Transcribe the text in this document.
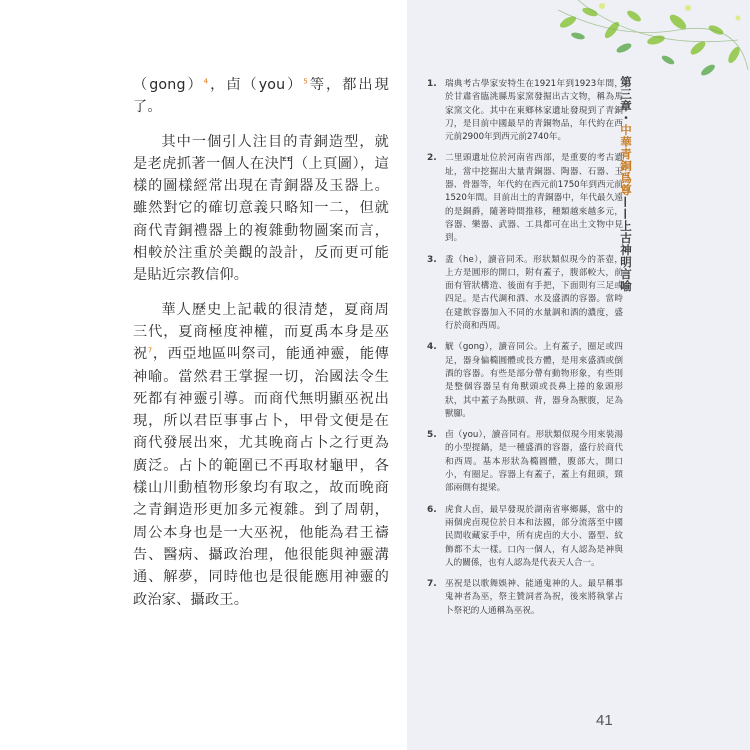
（gong）$^4$，卣（you）$^5$等，都出現了。

其中一個引人注目的青銅造型，就是老虎抓著一個人在決鬥（上頁圖），這樣的圖樣經常出現在青銅器及玉器上。雖然對它的確切意義只略知一二，但就商代青銅禮器上的複雜動物圖案而言，相較於注重於美觀的設計，反而更可能是貼近宗教信仰。

華人歷史上記載的很清楚，夏商周三代，夏商極度神權，而夏禹本身是巫祝$^7$，西亞地區叫祭司，能通神靈，能傳神喻。當然君王掌握一切，治國法令生死都有神靈引導。而商代無明顯巫祝出現，所以君臣事事占卜，甲骨文便是在商代發展出來，尤其晚商占卜之行更為廣泛。占卜的範圍已不再取材龜甲，各樣山川動植物形象均有取之，故而晚商之青銅造形更加多元複雜。到了周朝，周公本身也是一大巫祝，他能為君王禱告、醫病、攝政治理，他很能與神靈溝通、解夢，同時他也是很能應用神靈的政治家、攝政王。

1. 瑞典考古學家安特生在1921年到1923年間，於甘肅省臨洮縣馬家窯發掘出古文物，稱為馬家窯文化。其中在東鄉林家遺址發現到了青銅刀，是目前中國最早的青銅物品，年代約在西元前2900年到西元前2740年。
2. 二里頭遺址位於河南省西部，是重要的考古遺址，當中挖掘出大量青銅器、陶器、石器、玉器、骨器等，年代約在西元前1750年到西元前1520年間。目前出土的青銅器中，年代最久遠的是銅爵，隨著時間推移，種類越來越多元，容器、樂器、武器、工具都可在出土文物中見到。
3. 盉（he），讀音同禾。形狀類似現今的茶壺，上方是圓形的開口，附有蓋子，腹部較大，前面有管狀構造、後面有手把，下面則有三足或四足。是古代調和酒、水及盛酒的容器。當時在建飲容器加入不同的水量調和酒的濃度，盛行於商和西周。
4. 觥（gong），讀音同公。上有蓋子，圈足或四足，器身偏橢圓體或長方體，是用來盛酒或倒酒的容器。有些是部分帶有動物形象，有些則是整個容器呈有角獸頭或長鼻上捲的象頭形狀，其中蓋子為獸頭、背，器身為獸腹，足為獸腳。
5. 卣（you），讀音同有。形狀類似現今用來裝湯的小型提鍋，是一種盛酒的容器，盛行於商代和西周。基本形狀為橢圓體，腹部大，開口小，有圈足。容器上有蓋子，蓋上有鈕頭，頸部兩側有提梁。
6. 虎食人卣，最早發現於湖南省寧鄉縣，當中的兩個虎卣現位於日本和法國，部分流落至中國民間收藏家手中，所有虎卣的大小、器型、紋飾都不太一樣。口內一個人，有人認為是神與人的關係，也有人認為是代表天人合一。
7. 巫祝是以歌舞娛神、能通鬼神的人。最早稱事鬼神者為巫，祭主贊詞者為祝，後來將執掌占卜祭祀的人通稱為巫祝。
第三章・中華青銅爲尊——上古神明言喻
41
